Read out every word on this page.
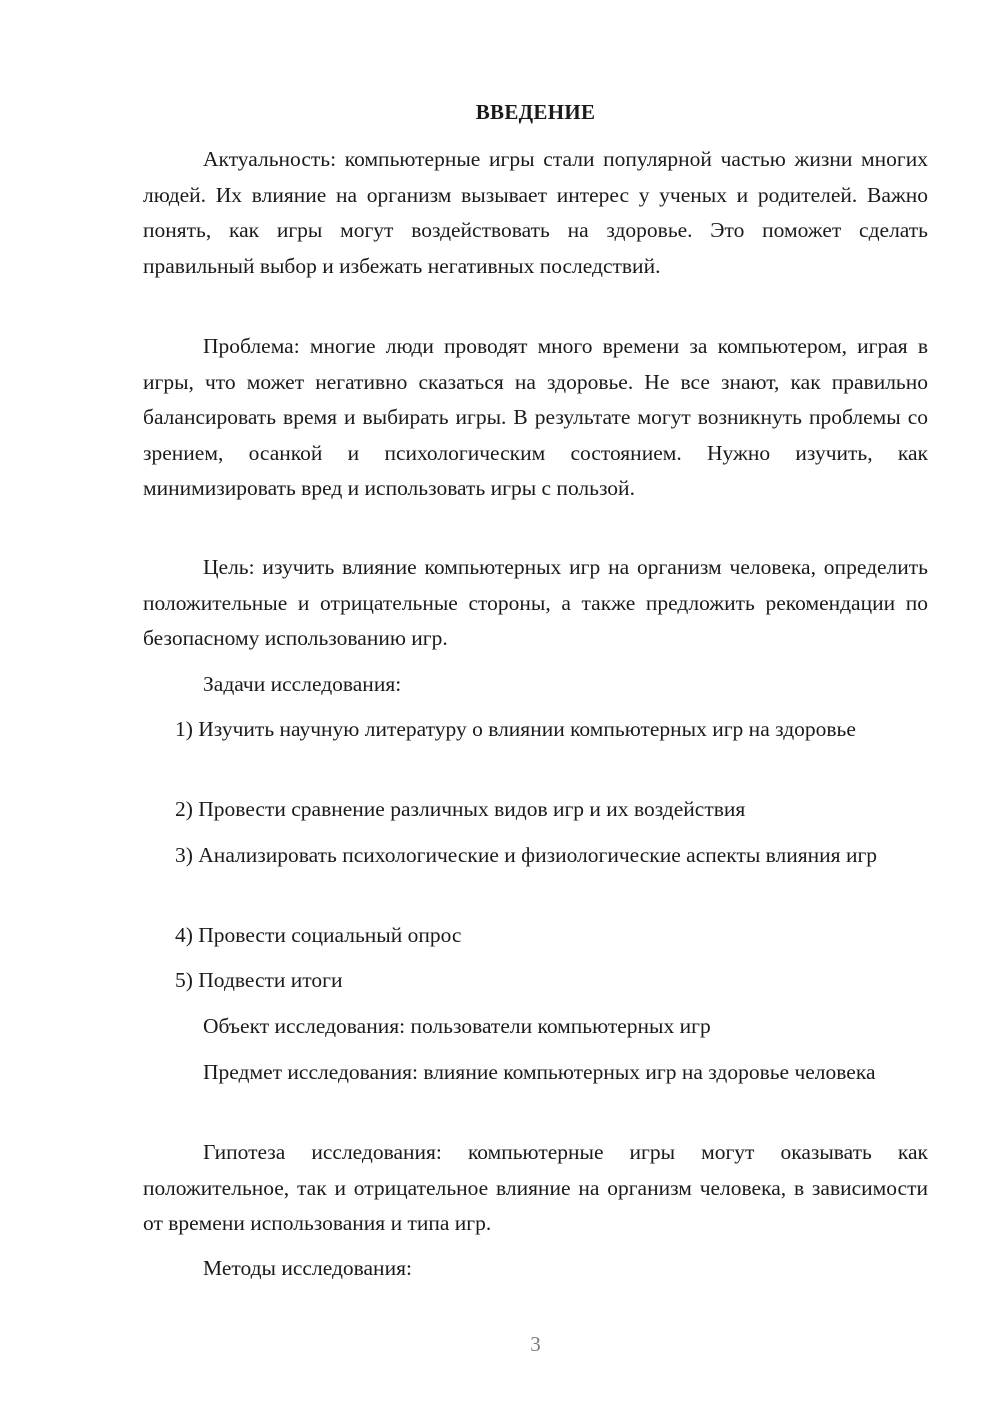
ВВЕДЕНИЕ

Актуальность: компьютерные игры стали популярной частью жизни многих людей. Их влияние на организм вызывает интерес у ученых и родителей. Важно понять, как игры могут воздействовать на здоровье. Это поможет сделать правильный выбор и избежать негативных последствий.

Проблема: многие люди проводят много времени за компьютером, играя в игры, что может негативно сказаться на здоровье. Не все знают, как правильно балансировать время и выбирать игры. В результате могут возникнуть проблемы со зрением, осанкой и психологическим состоянием. Нужно изучить, как минимизировать вред и использовать игры с пользой.

Цель: изучить влияние компьютерных игр на организм человека, определить положительные и отрицательные стороны, а также предложить рекомендации по безопасному использованию игр.

Задачи исследования:

1) Изучить научную литературу о влиянии компьютерных игр на здоровье

2) Провести сравнение различных видов игр и их воздействия

3) Анализировать психологические и физиологические аспекты влияния игр

4) Провести социальный опрос

5) Подвести итоги

Объект исследования: пользователи компьютерных игр

Предмет исследования: влияние компьютерных игр на здоровье человека

Гипотеза исследования: компьютерные игры могут оказывать как положительное, так и отрицательное влияние на организм человека, в зависимости от времени использования и типа игр.

Методы исследования:

3
